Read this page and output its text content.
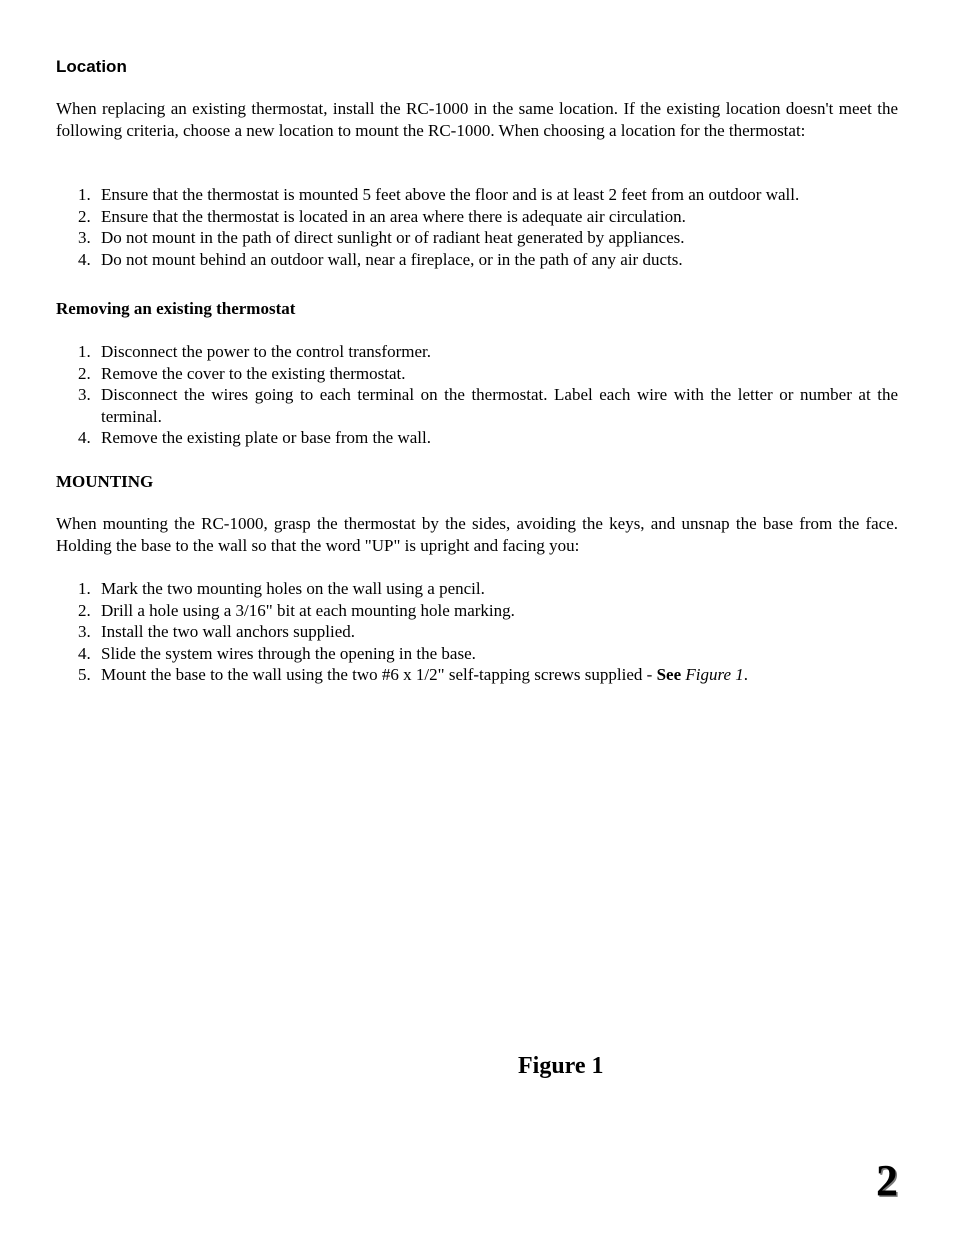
Location

When replacing an existing thermostat, install the RC-1000 in the same location. If the existing location doesn't meet the following criteria, choose a new location to mount the RC-1000. When choosing a location for the thermostat:

1. Ensure that the thermostat is mounted 5 feet above the floor and is at least 2 feet from an outdoor wall.
2. Ensure that the thermostat is located in an area where there is adequate air circulation.
3. Do not mount in the path of direct sunlight or of radiant heat generated by appliances.
4. Do not mount behind an outdoor wall, near a fireplace, or in the path of any air ducts.
Removing an existing thermostat
1. Disconnect the power to the control transformer.
2. Remove the cover to the existing thermostat.
3. Disconnect the wires going to each terminal on the thermostat. Label each wire with the letter or number at the terminal.
4. Remove the existing plate or base from the wall.
MOUNTING

When mounting the RC-1000, grasp the thermostat by the sides, avoiding the keys, and unsnap the base from the face. Holding the base to the wall so that the word "UP" is upright and facing you:

1. Mark the two mounting holes on the wall using a pencil.
2. Drill a hole using a 3/16" bit at each mounting hole marking.
3. Install the two wall anchors supplied.
4. Slide the system wires through the opening in the base.
5. Mount the base to the wall using the two #6 x 1/2" self-tapping screws supplied - See Figure 1.
Figure 1
2
